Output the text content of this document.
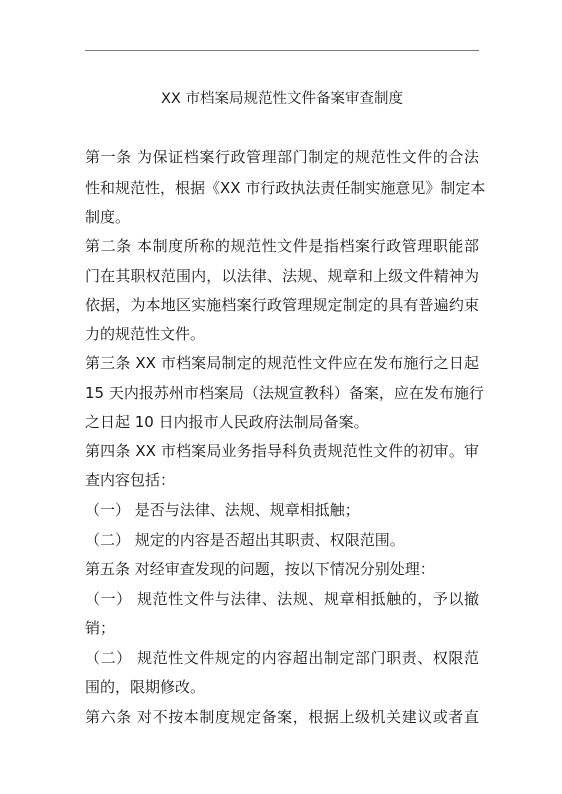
XX 市档案局规范性文件备案审查制度
第一条 为保证档案行政管理部门制定的规范性文件的合法
性和规范性，根据《XX 市行政执法责任制实施意见》制定本
制度。
第二条 本制度所称的规范性文件是指档案行政管理职能部
门在其职权范围内，以法律、法规、规章和上级文件精神为
依据，为本地区实施档案行政管理规定制定的具有普遍约束
力的规范性文件。
第三条 XX 市档案局制定的规范性文件应在发布施行之日起
15 天内报苏州市档案局（法规宣教科）备案，应在发布施行
之日起 10 日内报市人民政府法制局备案。
第四条 XX 市档案局业务指导科负责规范性文件的初审。审
查内容包括：
（一） 是否与法律、法规、规章相抵触；
（二） 规定的内容是否超出其职责、权限范围。
第五条 对经审查发现的问题，按以下情况分别处理：
（一） 规范性文件与法律、法规、规章相抵触的，予以撤
销；
（二） 规范性文件规定的内容超出制定部门职责、权限范
围的，限期修改。
第六条 对不按本制度规定备案，根据上级机关建议或者直
